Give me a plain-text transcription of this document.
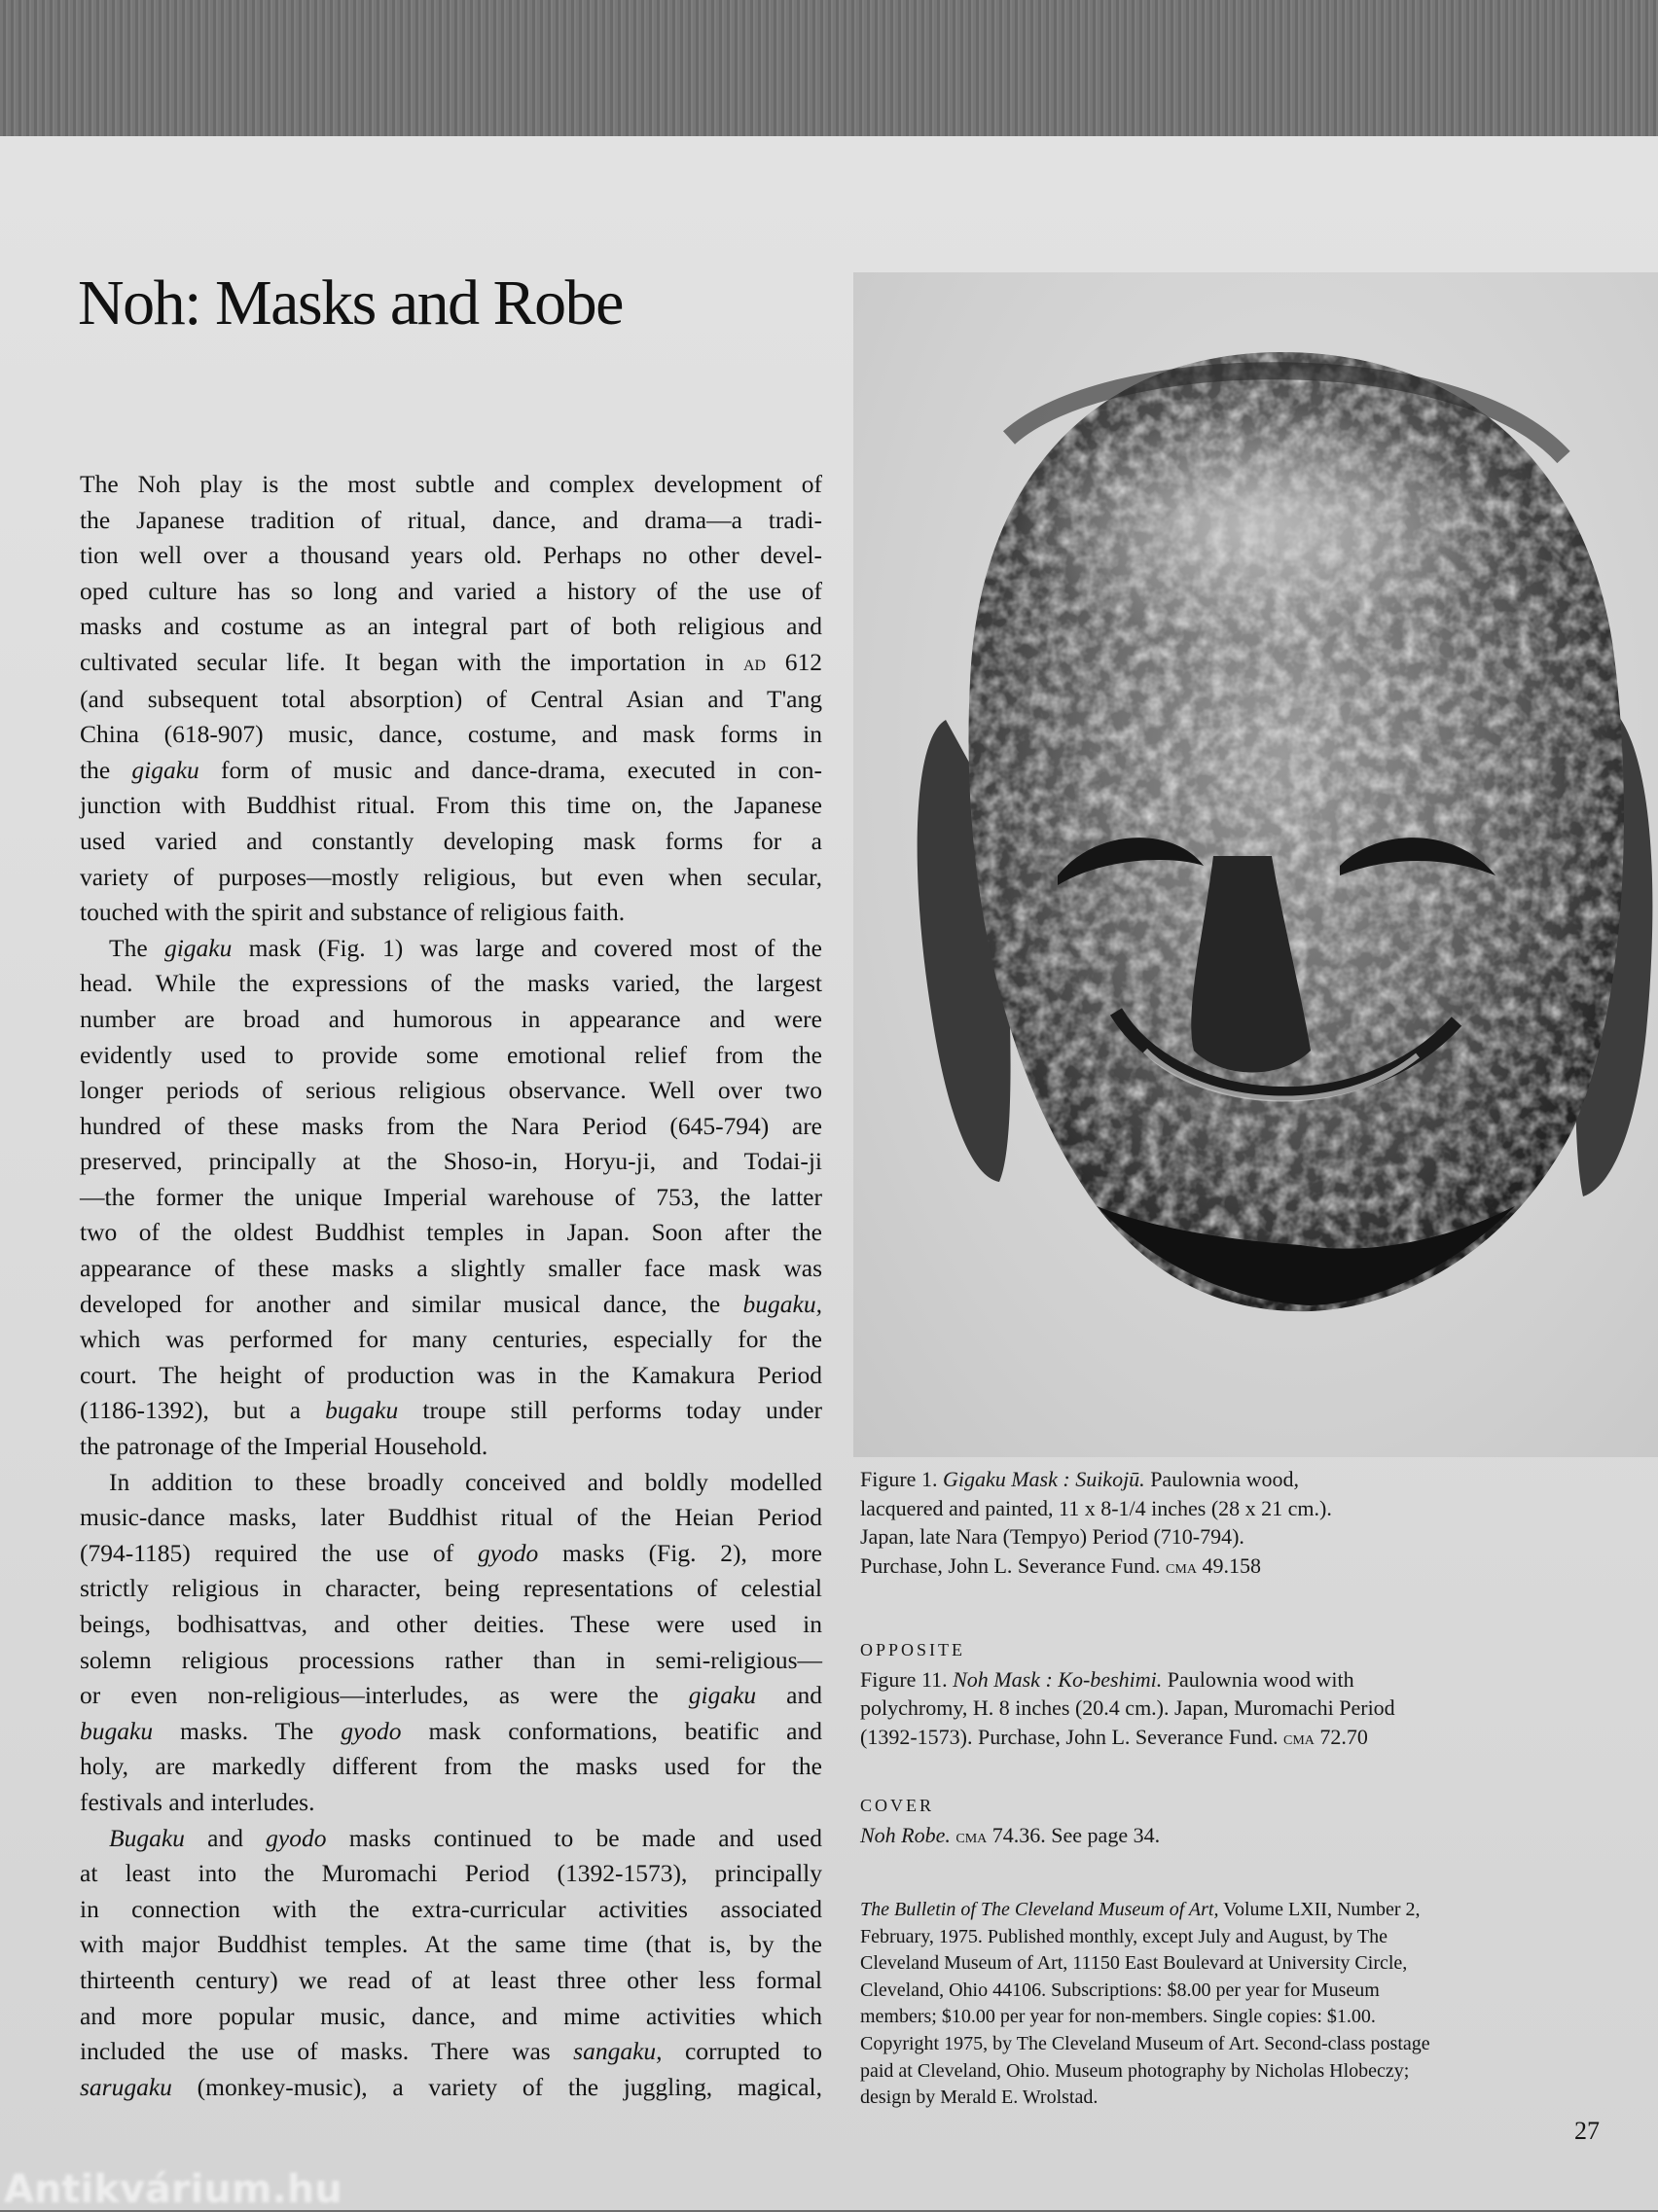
Noh: Masks and Robe
The Noh play is the most subtle and complex development of
the Japanese tradition of ritual, dance, and drama—a tradi-
tion well over a thousand years old. Perhaps no other devel-
oped culture has so long and varied a history of the use of
masks and costume as an integral part of both religious and
cultivated secular life. It began with the importation in ad 612
(and subsequent total absorption) of Central Asian and T'ang
China (618-907) music, dance, costume, and mask forms in
the gigaku form of music and dance-drama, executed in con-
junction with Buddhist ritual. From this time on, the Japanese
used varied and constantly developing mask forms for a
variety of purposes—mostly religious, but even when secular,
touched with the spirit and substance of religious faith.
The gigaku mask (Fig. 1) was large and covered most of the
head. While the expressions of the masks varied, the largest
number are broad and humorous in appearance and were
evidently used to provide some emotional relief from the
longer periods of serious religious observance. Well over two
hundred of these masks from the Nara Period (645-794) are
preserved, principally at the Shoso-in, Horyu-ji, and Todai-ji
—the former the unique Imperial warehouse of 753, the latter
two of the oldest Buddhist temples in Japan. Soon after the
appearance of these masks a slightly smaller face mask was
developed for another and similar musical dance, the bugaku,
which was performed for many centuries, especially for the
court. The height of production was in the Kamakura Period
(1186-1392), but a bugaku troupe still performs today under
the patronage of the Imperial Household.
In addition to these broadly conceived and boldly modelled
music-dance masks, later Buddhist ritual of the Heian Period
(794-1185) required the use of gyodo masks (Fig. 2), more
strictly religious in character, being representations of celestial
beings, bodhisattvas, and other deities. These were used in
solemn religious processions rather than in semi-religious—
or even non-religious—interludes, as were the gigaku and
bugaku masks. The gyodo mask conformations, beatific and
holy, are markedly different from the masks used for the
festivals and interludes.
Bugaku and gyodo masks continued to be made and used
at least into the Muromachi Period (1392-1573), principally
in connection with the extra-curricular activities associated
with major Buddhist temples. At the same time (that is, by the
thirteenth century) we read of at least three other less formal
and more popular music, dance, and mime activities which
included the use of masks. There was sangaku, corrupted to
sarugaku (monkey-music), a variety of the juggling, magical,
Figure 1. Gigaku Mask : Suikojū. Paulownia wood,
lacquered and painted, 11 x 8-1/4 inches (28 x 21 cm.).
Japan, late Nara (Tempyo) Period (710-794).
Purchase, John L. Severance Fund. cma 49.158
OPPOSITE
Figure 11. Noh Mask : Ko-beshimi. Paulownia wood with
polychromy, H. 8 inches (20.4 cm.). Japan, Muromachi Period
(1392-1573). Purchase, John L. Severance Fund. cma 72.70
COVER
Noh Robe. cma 74.36. See page 34.
The Bulletin of The Cleveland Museum of Art, Volume LXII, Number 2,
February, 1975. Published monthly, except July and August, by The
Cleveland Museum of Art, 11150 East Boulevard at University Circle,
Cleveland, Ohio 44106. Subscriptions: $8.00 per year for Museum
members; $10.00 per year for non-members. Single copies: $1.00.
Copyright 1975, by The Cleveland Museum of Art. Second-class postage
paid at Cleveland, Ohio. Museum photography by Nicholas Hlobeczy;
design by Merald E. Wrolstad.
27
Antikvárium.hu
